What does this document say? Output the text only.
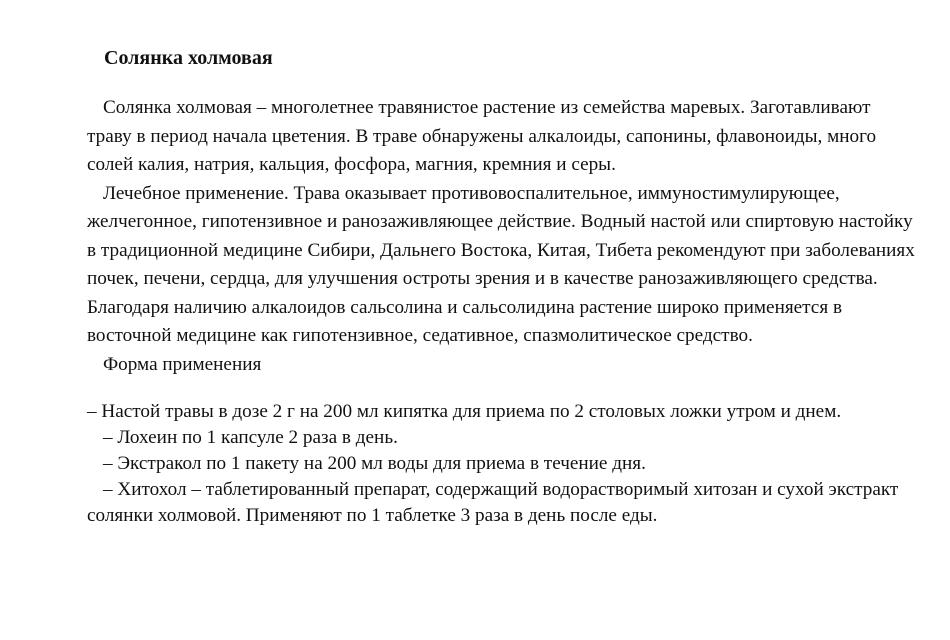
Солянка холмовая

Солянка холмовая – многолетнее травянистое растение из семейства маревых. Заготавливают траву в период начала цветения. В траве обнаружены алкалоиды, сапонины, флавоноиды, много солей калия, натрия, кальция, фосфора, магния, кремния и серы.

Лечебное применение. Трава оказывает противовоспалительное, иммуностимулирующее, желчегонное, гипотензивное и ранозаживляющее действие. Водный настой или спиртовую настойку в традиционной медицине Сибири, Дальнего Востока, Китая, Тибета рекомендуют при заболеваниях почек, печени, сердца, для улучшения остроты зрения и в качестве ранозаживляющего средства. Благодаря наличию алкалоидов сальсолина и сальсолидина растение широко применяется в восточной медицине как гипотензивное, седативное, спазмолитическое средство.

Форма применения

– Настой травы в дозе 2 г на 200 мл кипятка для приема по 2 столовых ложки утром и днем.

– Лохеин по 1 капсуле 2 раза в день.

– Экстракол по 1 пакету на 200 мл воды для приема в течение дня.

– Хитохол – таблетированный препарат, содержащий водорастворимый хитозан и сухой экстракт солянки холмовой. Применяют по 1 таблетке 3 раза в день после еды.
